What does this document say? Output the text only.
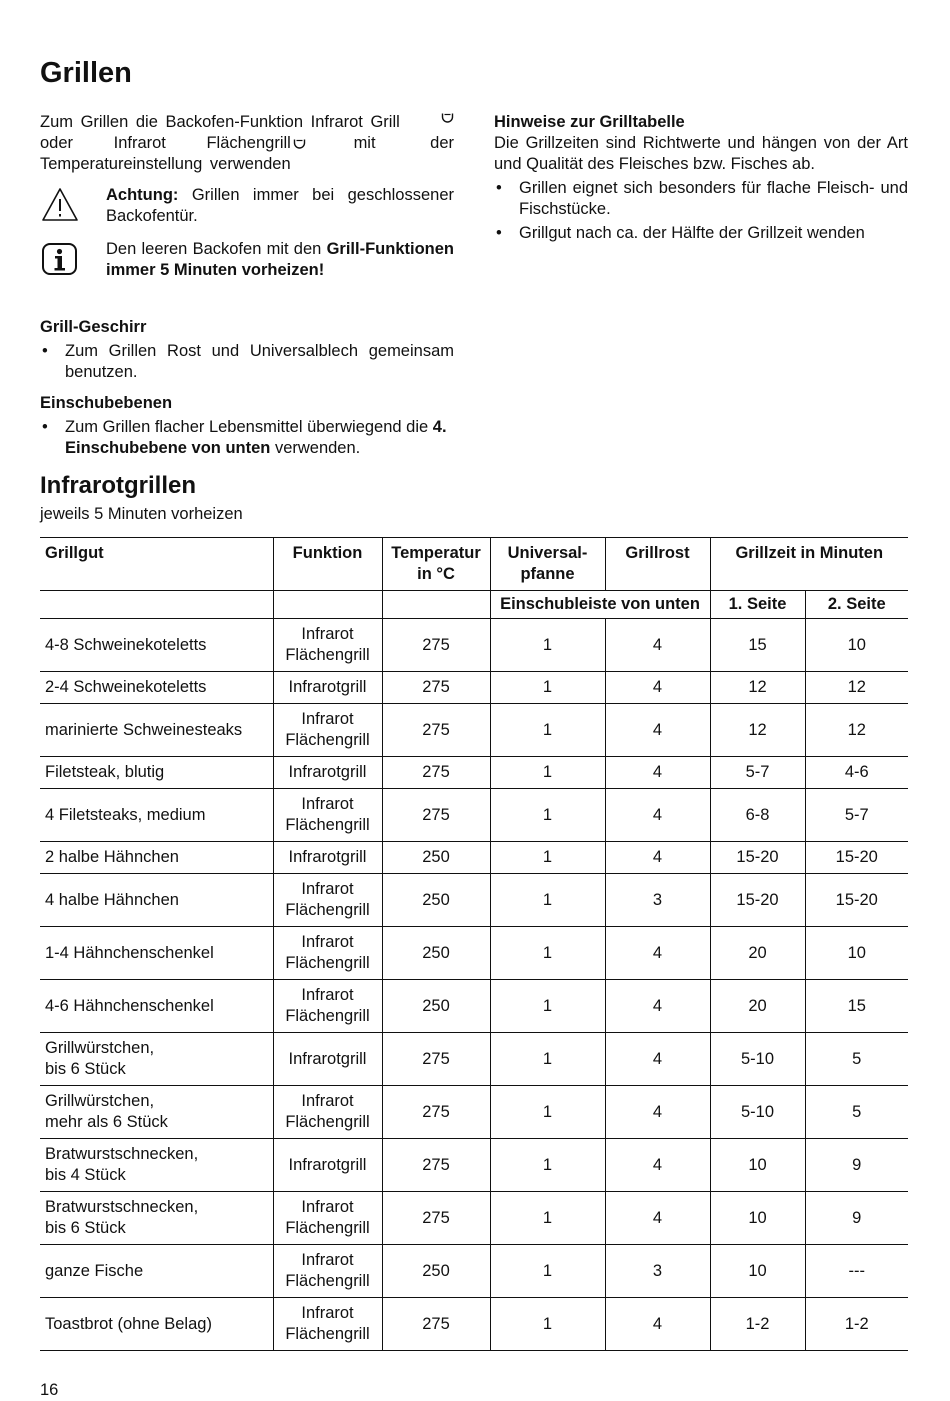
Grillen
Zum Grillen die Backofen-Funktion Infrarot Grill
oder Infrarot Flächengrill	mit der
Temperatureinstellung verwenden

Achtung: Grillen immer bei geschlossener Backofentür.

Den leeren Backofen mit den Grill-Funktionen immer 5 Minuten vorheizen!

Grill-Geschirr
• Zum Grillen Rost und Universalblech gemeinsam benutzen.
Einschubebenen
• Zum Grillen flacher Lebensmittel überwiegend die 4. Einschubebene von unten verwenden.
Hinweise zur Grilltabelle

Die Grillzeiten sind Richtwerte und hängen von der Art und Qualität des Fleisches bzw. Fisches ab.

• Grillen eignet sich besonders für flache Fleisch- und Fischstücke.
• Grillgut nach ca. der Hälfte der Grillzeit wenden
Infrarotgrillen
jeweils 5 Minuten vorheizen
Grillgut	Funktion	Temperatur
in °C	Universal-
pfanne	Grillrost	Grillzeit in Minuten	
			Einschubleiste von unten		1. Seite	2. Seite
4-8 Schweinekoteletts	Infrarot
Flächengrill	275	1	4	15	10
2-4 Schweinekoteletts	Infrarotgrill	275	1	4	12	12
marinierte Schweinesteaks	Infrarot
Flächengrill	275	1	4	12	12
Filetsteak, blutig	Infrarotgrill	275	1	4	5-7	4-6
4 Filetsteaks, medium	Infrarot
Flächengrill	275	1	4	6-8	5-7
2 halbe Hähnchen	Infrarotgrill	250	1	4	15-20	15-20
4 halbe Hähnchen	Infrarot
Flächengrill	250	1	3	15-20	15-20
1-4 Hähnchenschenkel	Infrarot
Flächengrill	250	1	4	20	10
4-6 Hähnchenschenkel	Infrarot
Flächengrill	250	1	4	20	15
Grillwürstchen,
bis 6 Stück	Infrarotgrill	275	1	4	5-10	5
Grillwürstchen,
mehr als 6 Stück	Infrarot
Flächengrill	275	1	4	5-10	5
Bratwurstschnecken,
bis 4 Stück	Infrarotgrill	275	1	4	10	9
Bratwurstschnecken,
bis 6 Stück	Infrarot
Flächengrill	275	1	4	10	9
ganze Fische	Infrarot
Flächengrill	250	1	3	10	---
Toastbrot (ohne Belag)	Infrarot
Flächengrill	275	1	4	1-2	1-2
16
